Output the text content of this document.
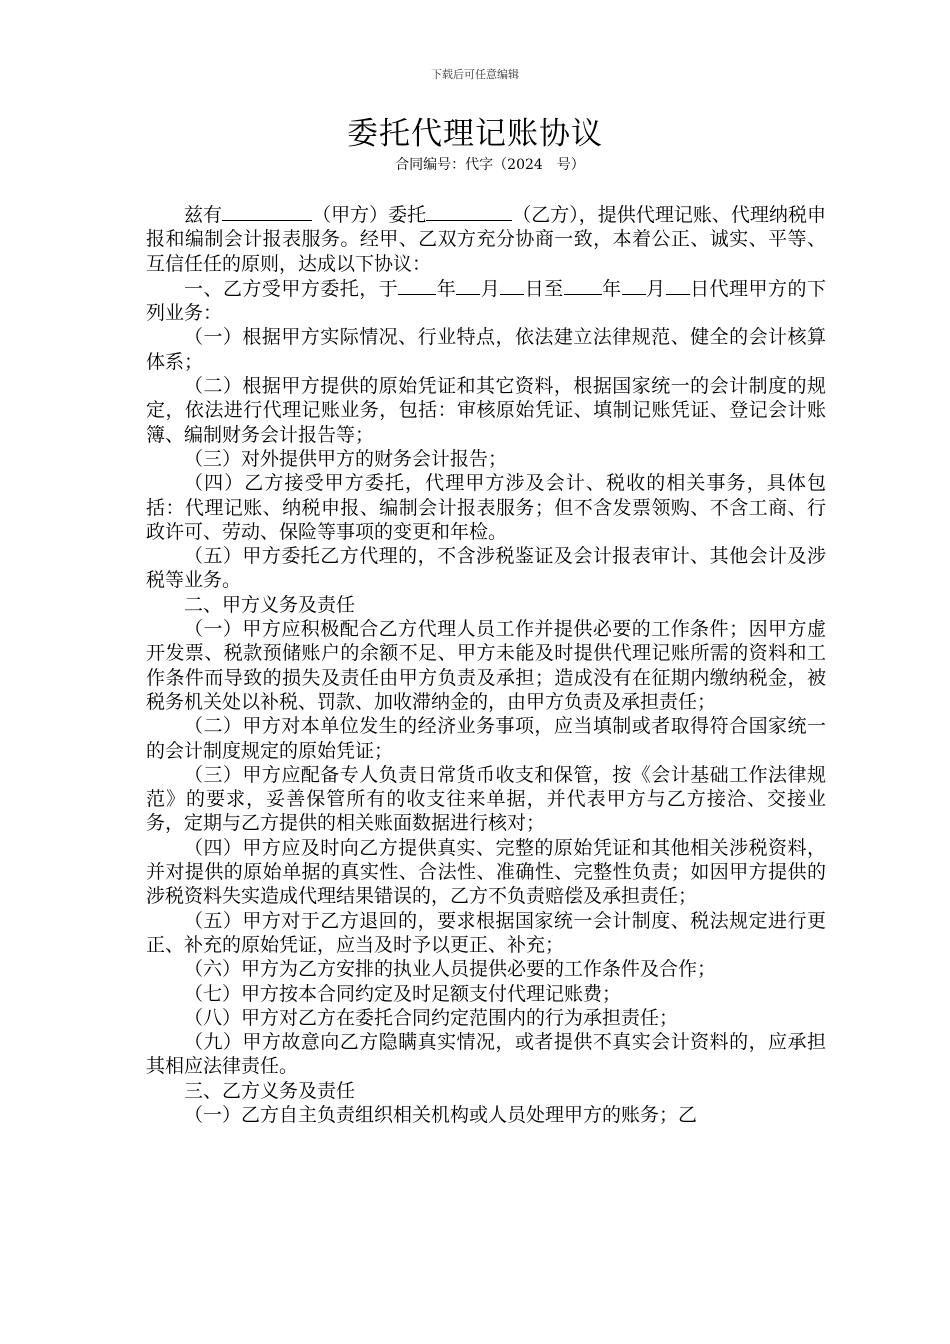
下载后可任意编辑
委托代理记账协议
合同编号：代字（2024　号）

兹有	（甲方）委托	（乙方），提供代理记账、代理纳税申报和编制会计报表服务。经甲、乙双方充分协商一致，本着公正、诚实、平等、互信任任的原则，达成以下协议：

一、乙方受甲方委托，于 年 月 日至 年 月 日代理甲方的下列业务：

（一）根据甲方实际情况、行业特点，依法建立法律规范、健全的会计核算体系；

（二）根据甲方提供的原始凭证和其它资料，根据国家统一的会计制度的规定，依法进行代理记账业务，包括：审核原始凭证、填制记账凭证、登记会计账簿、编制财务会计报告等；

（三）对外提供甲方的财务会计报告；

（四）乙方接受甲方委托，代理甲方涉及会计、税收的相关事务，具体包括：代理记账、纳税申报、编制会计报表服务；但不含发票领购、不含工商、行政许可、劳动、保险等事项的变更和年检。

（五）甲方委托乙方代理的，不含涉税鉴证及会计报表审计、其他会计及涉税等业务。

二、甲方义务及责任

（一）甲方应积极配合乙方代理人员工作并提供必要的工作条件；因甲方虚开发票、税款预储账户的余额不足、甲方未能及时提供代理记账所需的资料和工作条件而导致的损失及责任由甲方负责及承担；造成没有在征期内缴纳税金，被税务机关处以补税、罚款、加收滞纳金的，由甲方负责及承担责任；

（二）甲方对本单位发生的经济业务事项，应当填制或者取得符合国家统一的会计制度规定的原始凭证；

（三）甲方应配备专人负责日常货币收支和保管，按《会计基础工作法律规范》的要求，妥善保管所有的收支往来单据，并代表甲方与乙方接洽、交接业务，定期与乙方提供的相关账面数据进行核对；

（四）甲方应及时向乙方提供真实、完整的原始凭证和其他相关涉税资料，并对提供的原始单据的真实性、合法性、准确性、完整性负责；如因甲方提供的涉税资料失实造成代理结果错误的，乙方不负责赔偿及承担责任；

（五）甲方对于乙方退回的，要求根据国家统一会计制度、税法规定进行更正、补充的原始凭证，应当及时予以更正、补充；

（六）甲方为乙方安排的执业人员提供必要的工作条件及合作；

（七）甲方按本合同约定及时足额支付代理记账费；

（八）甲方对乙方在委托合同约定范围内的行为承担责任；

（九）甲方故意向乙方隐瞒真实情况，或者提供不真实会计资料的，应承担其相应法律责任。

三、乙方义务及责任

（一）乙方自主负责组织相关机构或人员处理甲方的账务；乙
